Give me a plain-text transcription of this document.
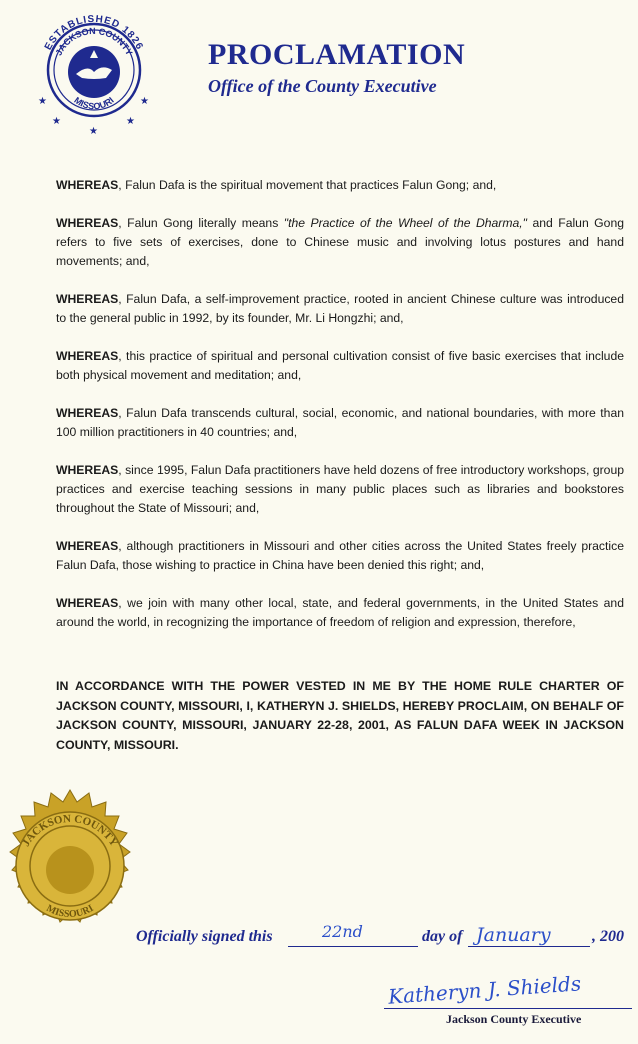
ESTABLISHED 1826
JACKSON COUNTY
MISSOURI
★	★
★	★
★
PROCLAMATION
Office of the County Executive

WHEREAS, Falun Dafa is the spiritual movement that practices Falun Gong; and,

WHEREAS, Falun Gong literally means "the Practice of the Wheel of the Dharma," and Falun Gong refers to five sets of exercises, done to Chinese music and involving lotus postures and hand movements; and,

WHEREAS, Falun Dafa, a self-improvement practice, rooted in ancient Chinese culture was introduced to the general public in 1992, by its founder, Mr. Li Hongzhi; and,

WHEREAS, this practice of spiritual and personal cultivation consist of five basic exercises that include both physical movement and meditation; and,

WHEREAS, Falun Dafa transcends cultural, social, economic, and national boundaries, with more than 100 million practitioners in 40 countries; and,

WHEREAS, since 1995, Falun Dafa practitioners have held dozens of free introductory workshops, group practices and exercise teaching sessions in many public places such as libraries and bookstores throughout the State of Missouri; and,

WHEREAS, although practitioners in Missouri and other cities across the United States freely practice Falun Dafa, those wishing to practice in China have been denied this right; and,

WHEREAS, we join with many other local, state, and federal governments, in the United States and around the world, in recognizing the importance of freedom of religion and expression, therefore,

IN ACCORDANCE WITH THE POWER VESTED IN ME BY THE HOME RULE CHARTER OF JACKSON COUNTY, MISSOURI, I, KATHERYN J. SHIELDS, HEREBY PROCLAIM, ON BEHALF OF JACKSON COUNTY, MISSOURI, JANUARY 22-28, 2001, AS FALUN DAFA WEEK IN JACKSON COUNTY, MISSOURI.

JACKSON COUNTY
MISSOURI
Officially signed this	22nd	day of January	, 200
Katheryn J. Shields
Jackson County Executive
